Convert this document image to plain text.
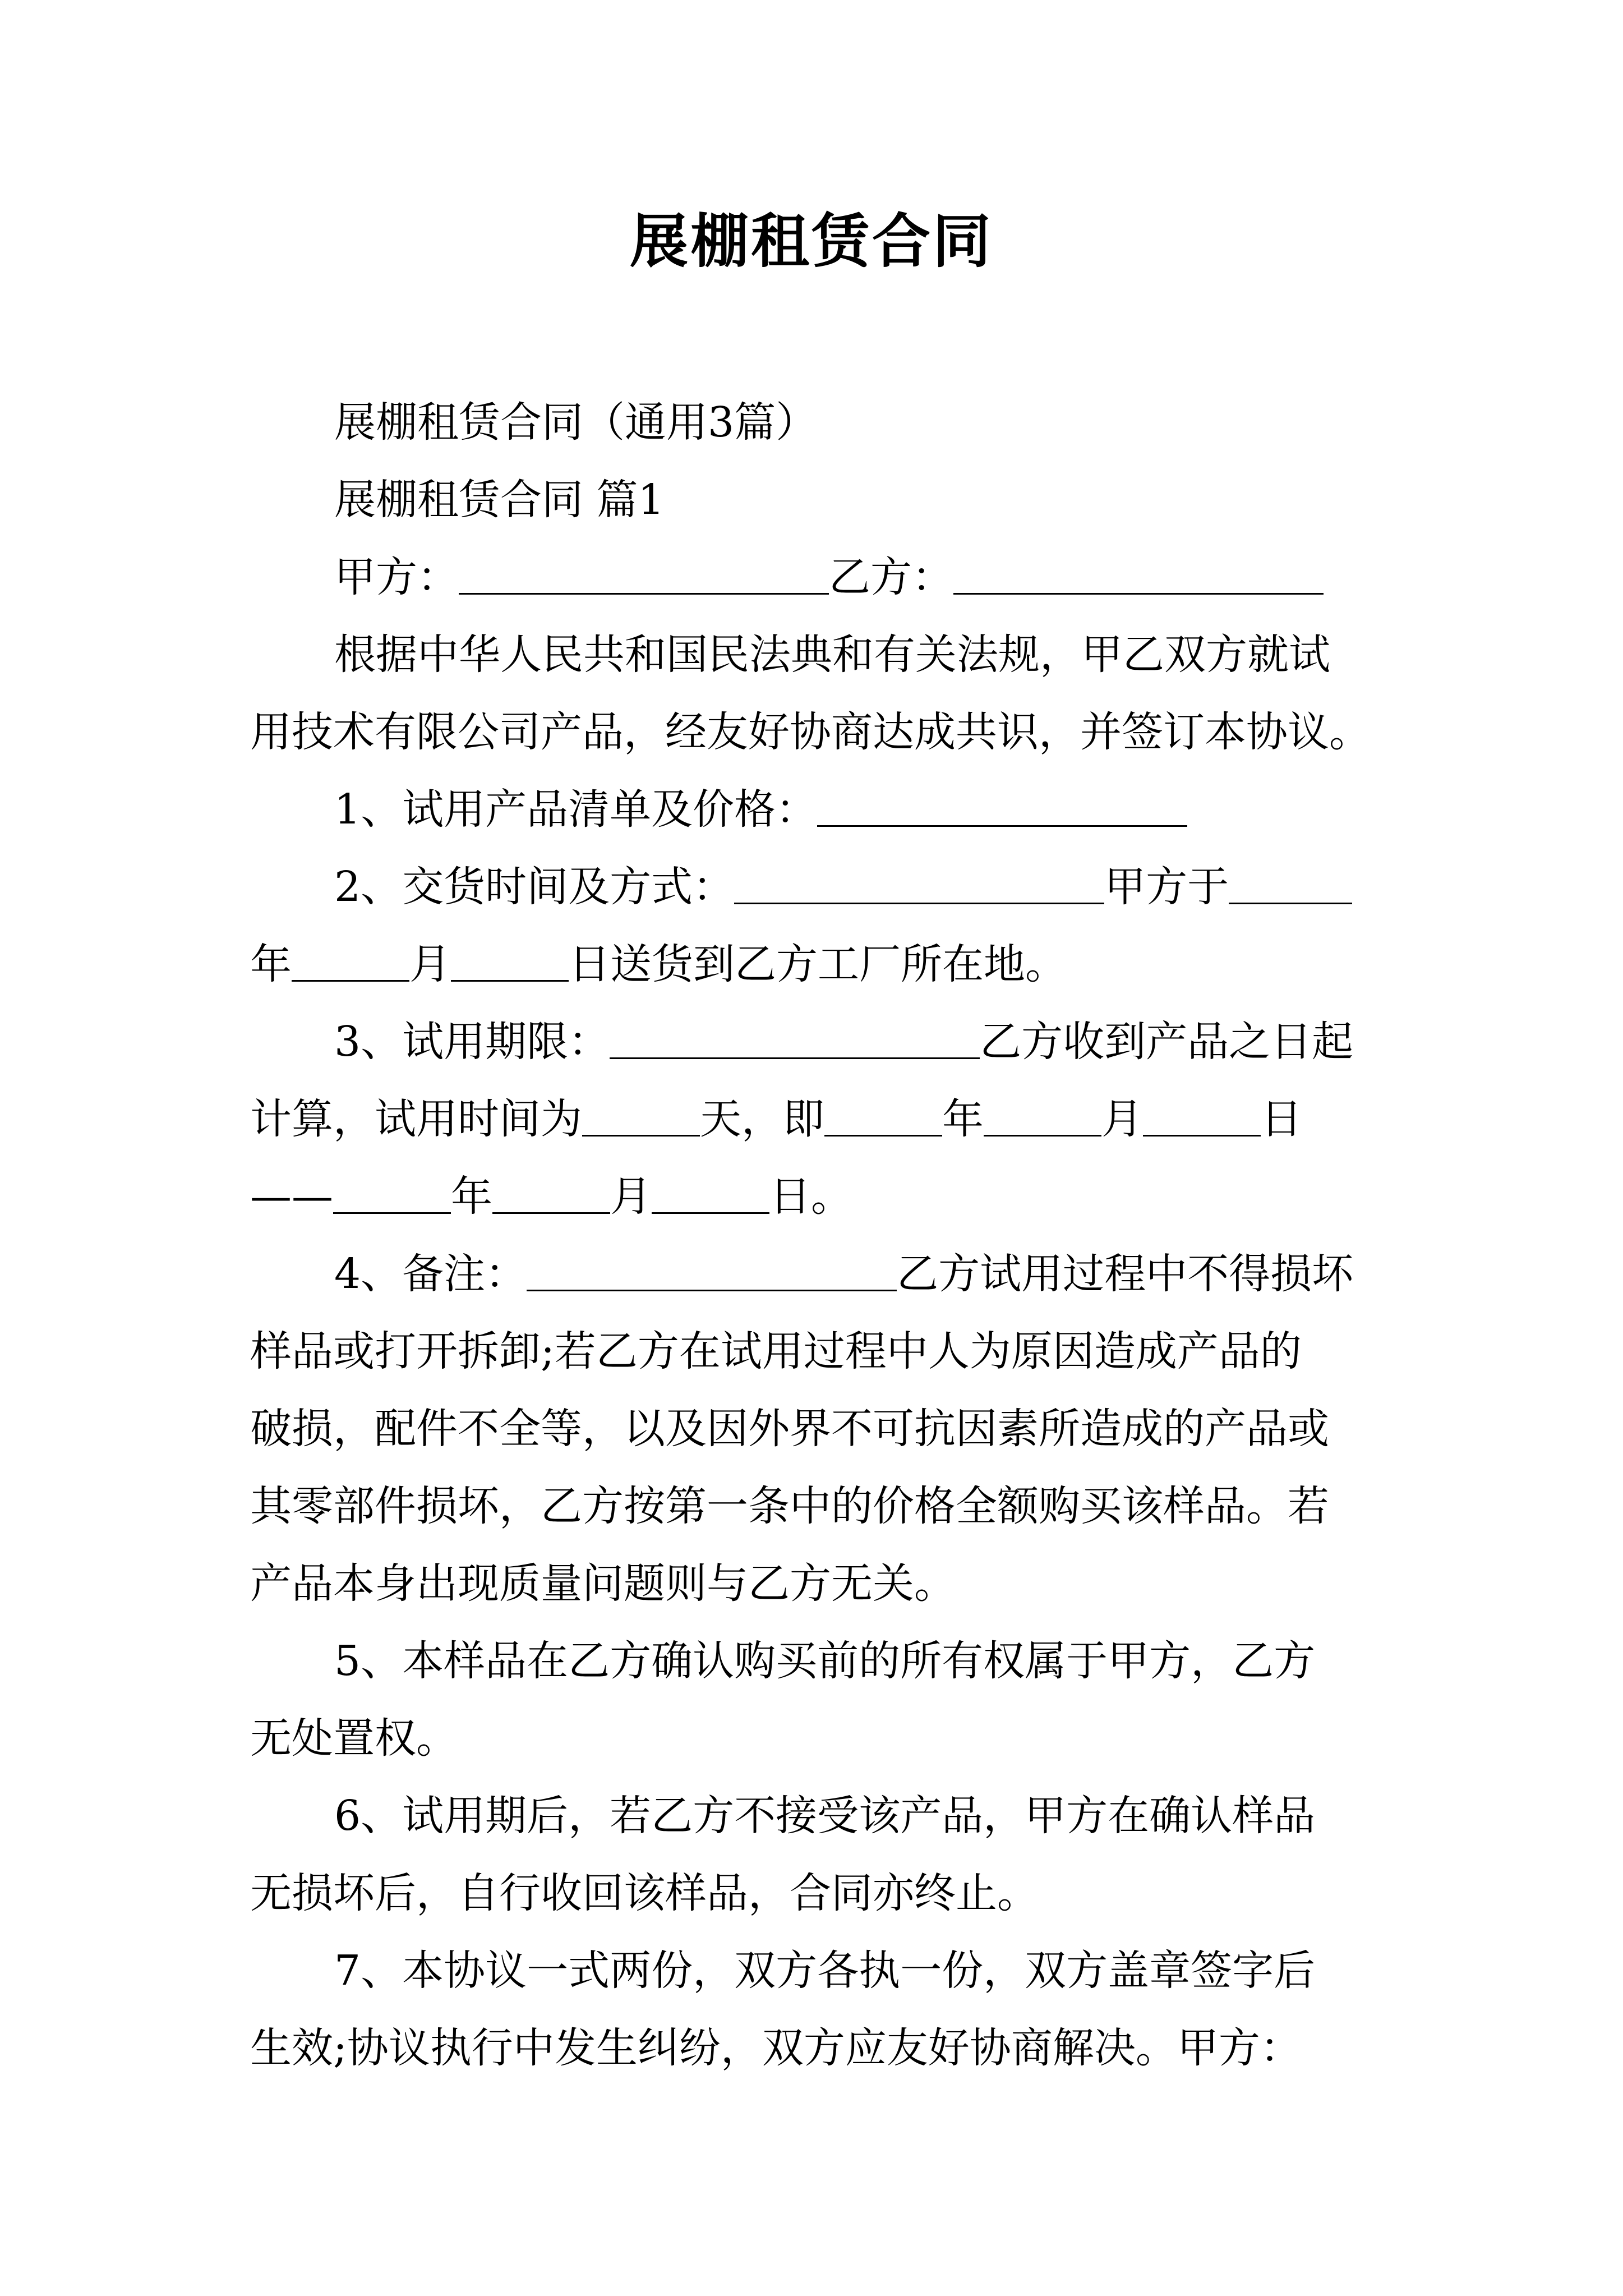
展棚租赁合同

展棚租赁合同（通用3篇）

展棚租赁合同 篇1

甲方：	乙方：

根据中华人民共和国民法典和有关法规，甲乙双方就试

用技术有限公司产品，经友好协商达成共识，并签订本协议。

1、试用产品清单及价格：

2、交货时间及方式：	甲方于

年	月	日送货到乙方工厂所在地。

3、试用期限：	乙方收到产品之日起

计算，试用时间为	天，即	年	月	日

——	年	月	日。

4、备注：	乙方试用过程中不得损坏

样品或打开拆卸;若乙方在试用过程中人为原因造成产品的

破损，配件不全等，以及因外界不可抗因素所造成的产品或

其零部件损坏，乙方按第一条中的价格全额购买该样品。若

产品本身出现质量问题则与乙方无关。

5、本样品在乙方确认购买前的所有权属于甲方，乙方

无处置权。

6、试用期后，若乙方不接受该产品，甲方在确认样品

无损坏后，自行收回该样品，合同亦终止。

7、本协议一式两份，双方各执一份，双方盖章签字后

生效;协议执行中发生纠纷，双方应友好协商解决。甲方：
